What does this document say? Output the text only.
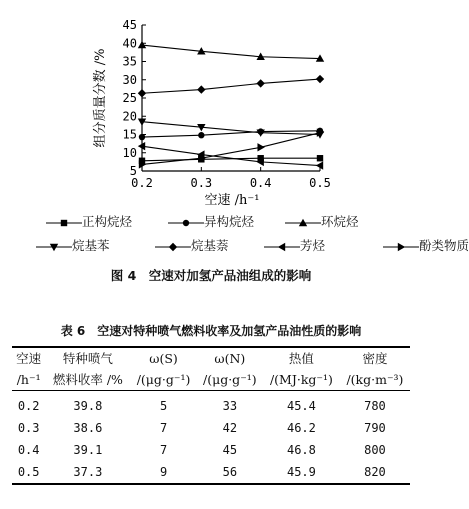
5
10
15
20
25
30
35
40
45
0.2	0.3	0.4	0.5
组分质量分数 /%
空速 /h⁻¹
正构烷烃	异构烷烃	环烷烃
烷基苯	烷基萘	芳烃	酚类物质
图 4　空速对加氢产品油组成的影响
表 6　空速对特种喷气燃料收率及加氢产品油性质的影响
空速	特种喷气	ω(S)	ω(N)	热值	密度
/h⁻¹	燃料收率 /%	/(μg·g⁻¹)	/(μg·g⁻¹)	/(MJ·kg⁻¹)	/(kg·m⁻³)
0.2	39.8	5	33	45.4	780
0.3	38.6	7	42	46.2	790
0.4	39.1	7	45	46.8	800
0.5	37.3	9	56	45.9	820
